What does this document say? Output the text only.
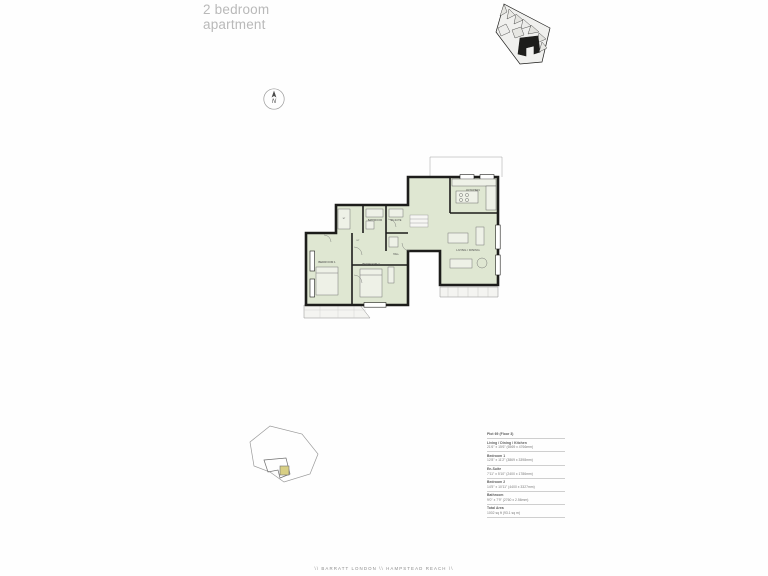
2 bedroom
apartment
N
KITCHEN
LIVING / DINING
BEDROOM 1	BEDROOM 2
BATHROOM	EN-SUITE
HALL
ST
UT
Plot 69 (Floor 3)
Living / Dining / Kitchen
21'6" x 15'6" (6569 x 4766mm)
Bedroom 1
12'8" x 11'2" (3869 x 3398mm)
En-Suite
7'11" x 5'10" (2400 x 1786mm)
Bedroom 2
14'5" x 10'11" (4400 x 3327mm)
Bathroom
9'0" x 7'9" (2760 x 2.56mm)
Total Area
1002 sq ft (93.1 sq m)
\\ BARRATT LONDON \\ HAMPSTEAD REACH \\
